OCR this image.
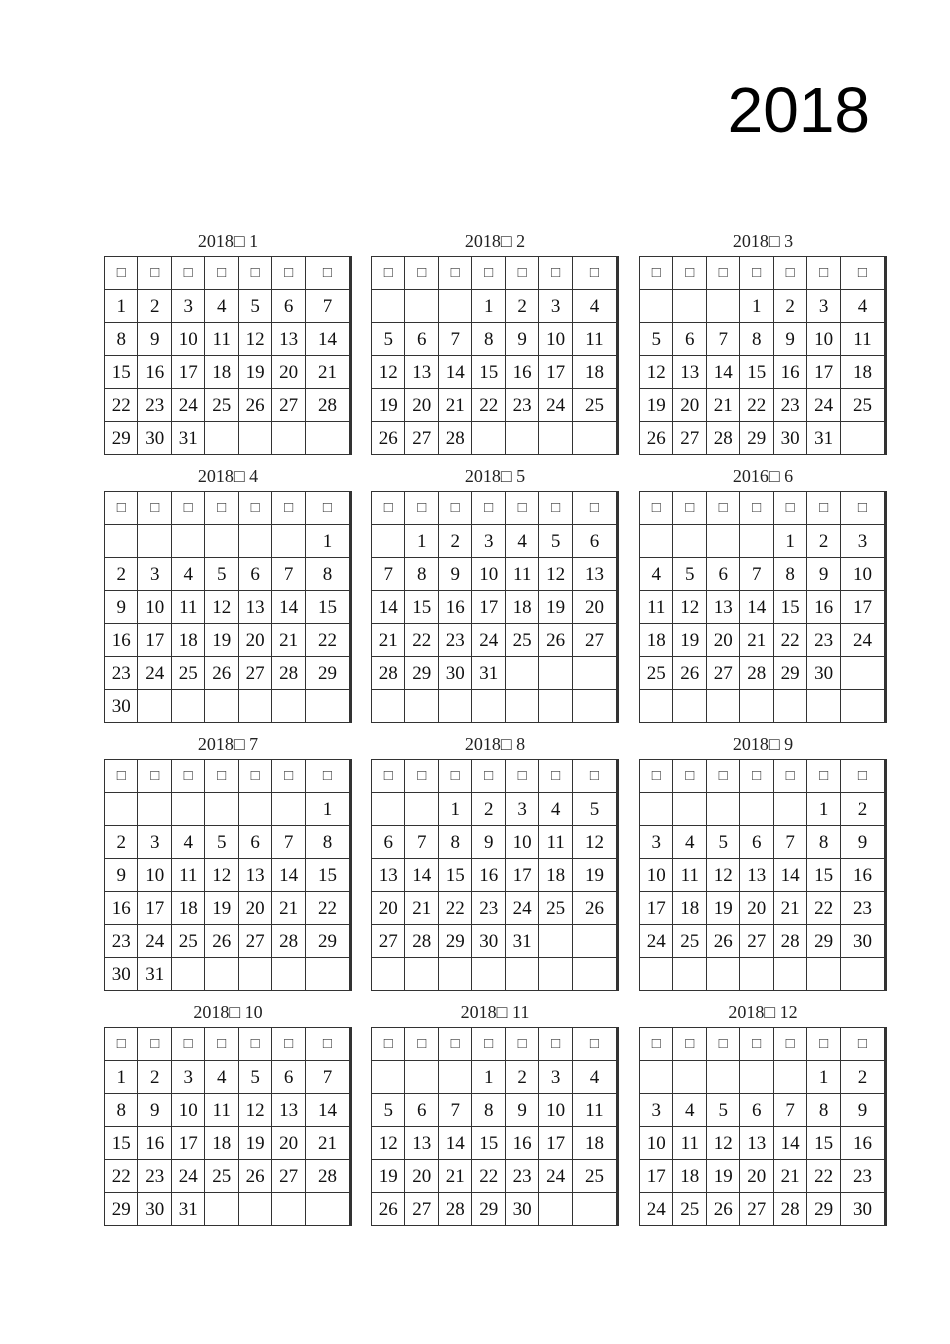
2018
2018□ 1
□	□	□	□	□	□	□
1	2	3	4	5	6	7
8	9	10	11	12	13	14
15	16	17	18	19	20	21
22	23	24	25	26	27	28
29	30	31				
2018□ 2
□	□	□	□	□	□	□
			1	2	3	4
5	6	7	8	9	10	11
12	13	14	15	16	17	18
19	20	21	22	23	24	25
26	27	28				
2018□ 3
□	□	□	□	□	□	□
			1	2	3	4
5	6	7	8	9	10	11
12	13	14	15	16	17	18
19	20	21	22	23	24	25
26	27	28	29	30	31	
2018□ 4
□	□	□	□	□	□	□
						1
2	3	4	5	6	7	8
9	10	11	12	13	14	15
16	17	18	19	20	21	22
23	24	25	26	27	28	29
30						
2018□ 5
□	□	□	□	□	□	□
	1	2	3	4	5	6
7	8	9	10	11	12	13
14	15	16	17	18	19	20
21	22	23	24	25	26	27
28	29	30	31			

2016□ 6
□	□	□	□	□	□	□
				1	2	3
4	5	6	7	8	9	10
11	12	13	14	15	16	17
18	19	20	21	22	23	24
25	26	27	28	29	30	

2018□ 7
□	□	□	□	□	□	□
						1
2	3	4	5	6	7	8
9	10	11	12	13	14	15
16	17	18	19	20	21	22
23	24	25	26	27	28	29
30	31					
2018□ 8
□	□	□	□	□	□	□
		1	2	3	4	5
6	7	8	9	10	11	12
13	14	15	16	17	18	19
20	21	22	23	24	25	26
27	28	29	30	31		

2018□ 9
□	□	□	□	□	□	□
					1	2
3	4	5	6	7	8	9
10	11	12	13	14	15	16
17	18	19	20	21	22	23
24	25	26	27	28	29	30

2018□ 10
□	□	□	□	□	□	□
1	2	3	4	5	6	7
8	9	10	11	12	13	14
15	16	17	18	19	20	21
22	23	24	25	26	27	28
29	30	31				
2018□ 11
□	□	□	□	□	□	□
			1	2	3	4
5	6	7	8	9	10	11
12	13	14	15	16	17	18
19	20	21	22	23	24	25
26	27	28	29	30		
2018□ 12
□	□	□	□	□	□	□
					1	2
3	4	5	6	7	8	9
10	11	12	13	14	15	16
17	18	19	20	21	22	23
24	25	26	27	28	29	30
